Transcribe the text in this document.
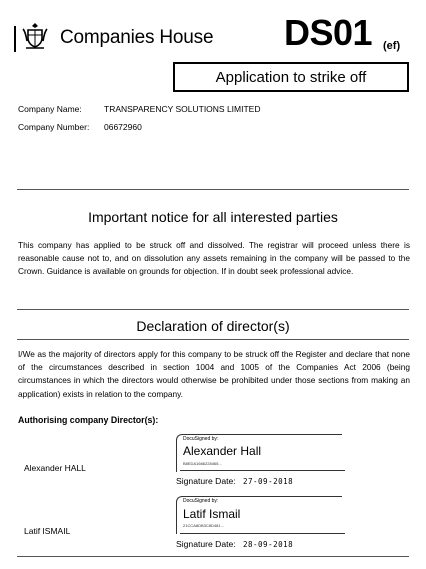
Companies House DS01 (ef)
Application to strike off
Company Name:	TRANSPARENCY SOLUTIONS LIMITED
Company Number: 06672960
Important notice for all interested parties
This company has applied to be struck off and dissolved. The registrar will proceed unless there is reasonable cause not to, and on dissolution any assets remaining in the company will be passed to the Crown. Guidance is available on grounds for objection. If in doubt seek professional advice.
Declaration of director(s)
I/We as the majority of directors apply for this company to be struck off the Register and declare that none of the circumstances described in section 1004 and 1005 of the Companies Act 2006 (being circumstances in which the directors would otherwise be prohibited under those sections from making an application) exists in relation to the company.
Authorising company Director(s):
DocuSigned by:
Alexander Hall
B8EDA1666228465...
Alexander HALL
Signature Date: 27-09-2018
DocuSigned by:
Latif Ismail
21CCA8DB3C8D481...
Latif ISMAIL
Signature Date: 28-09-2018
